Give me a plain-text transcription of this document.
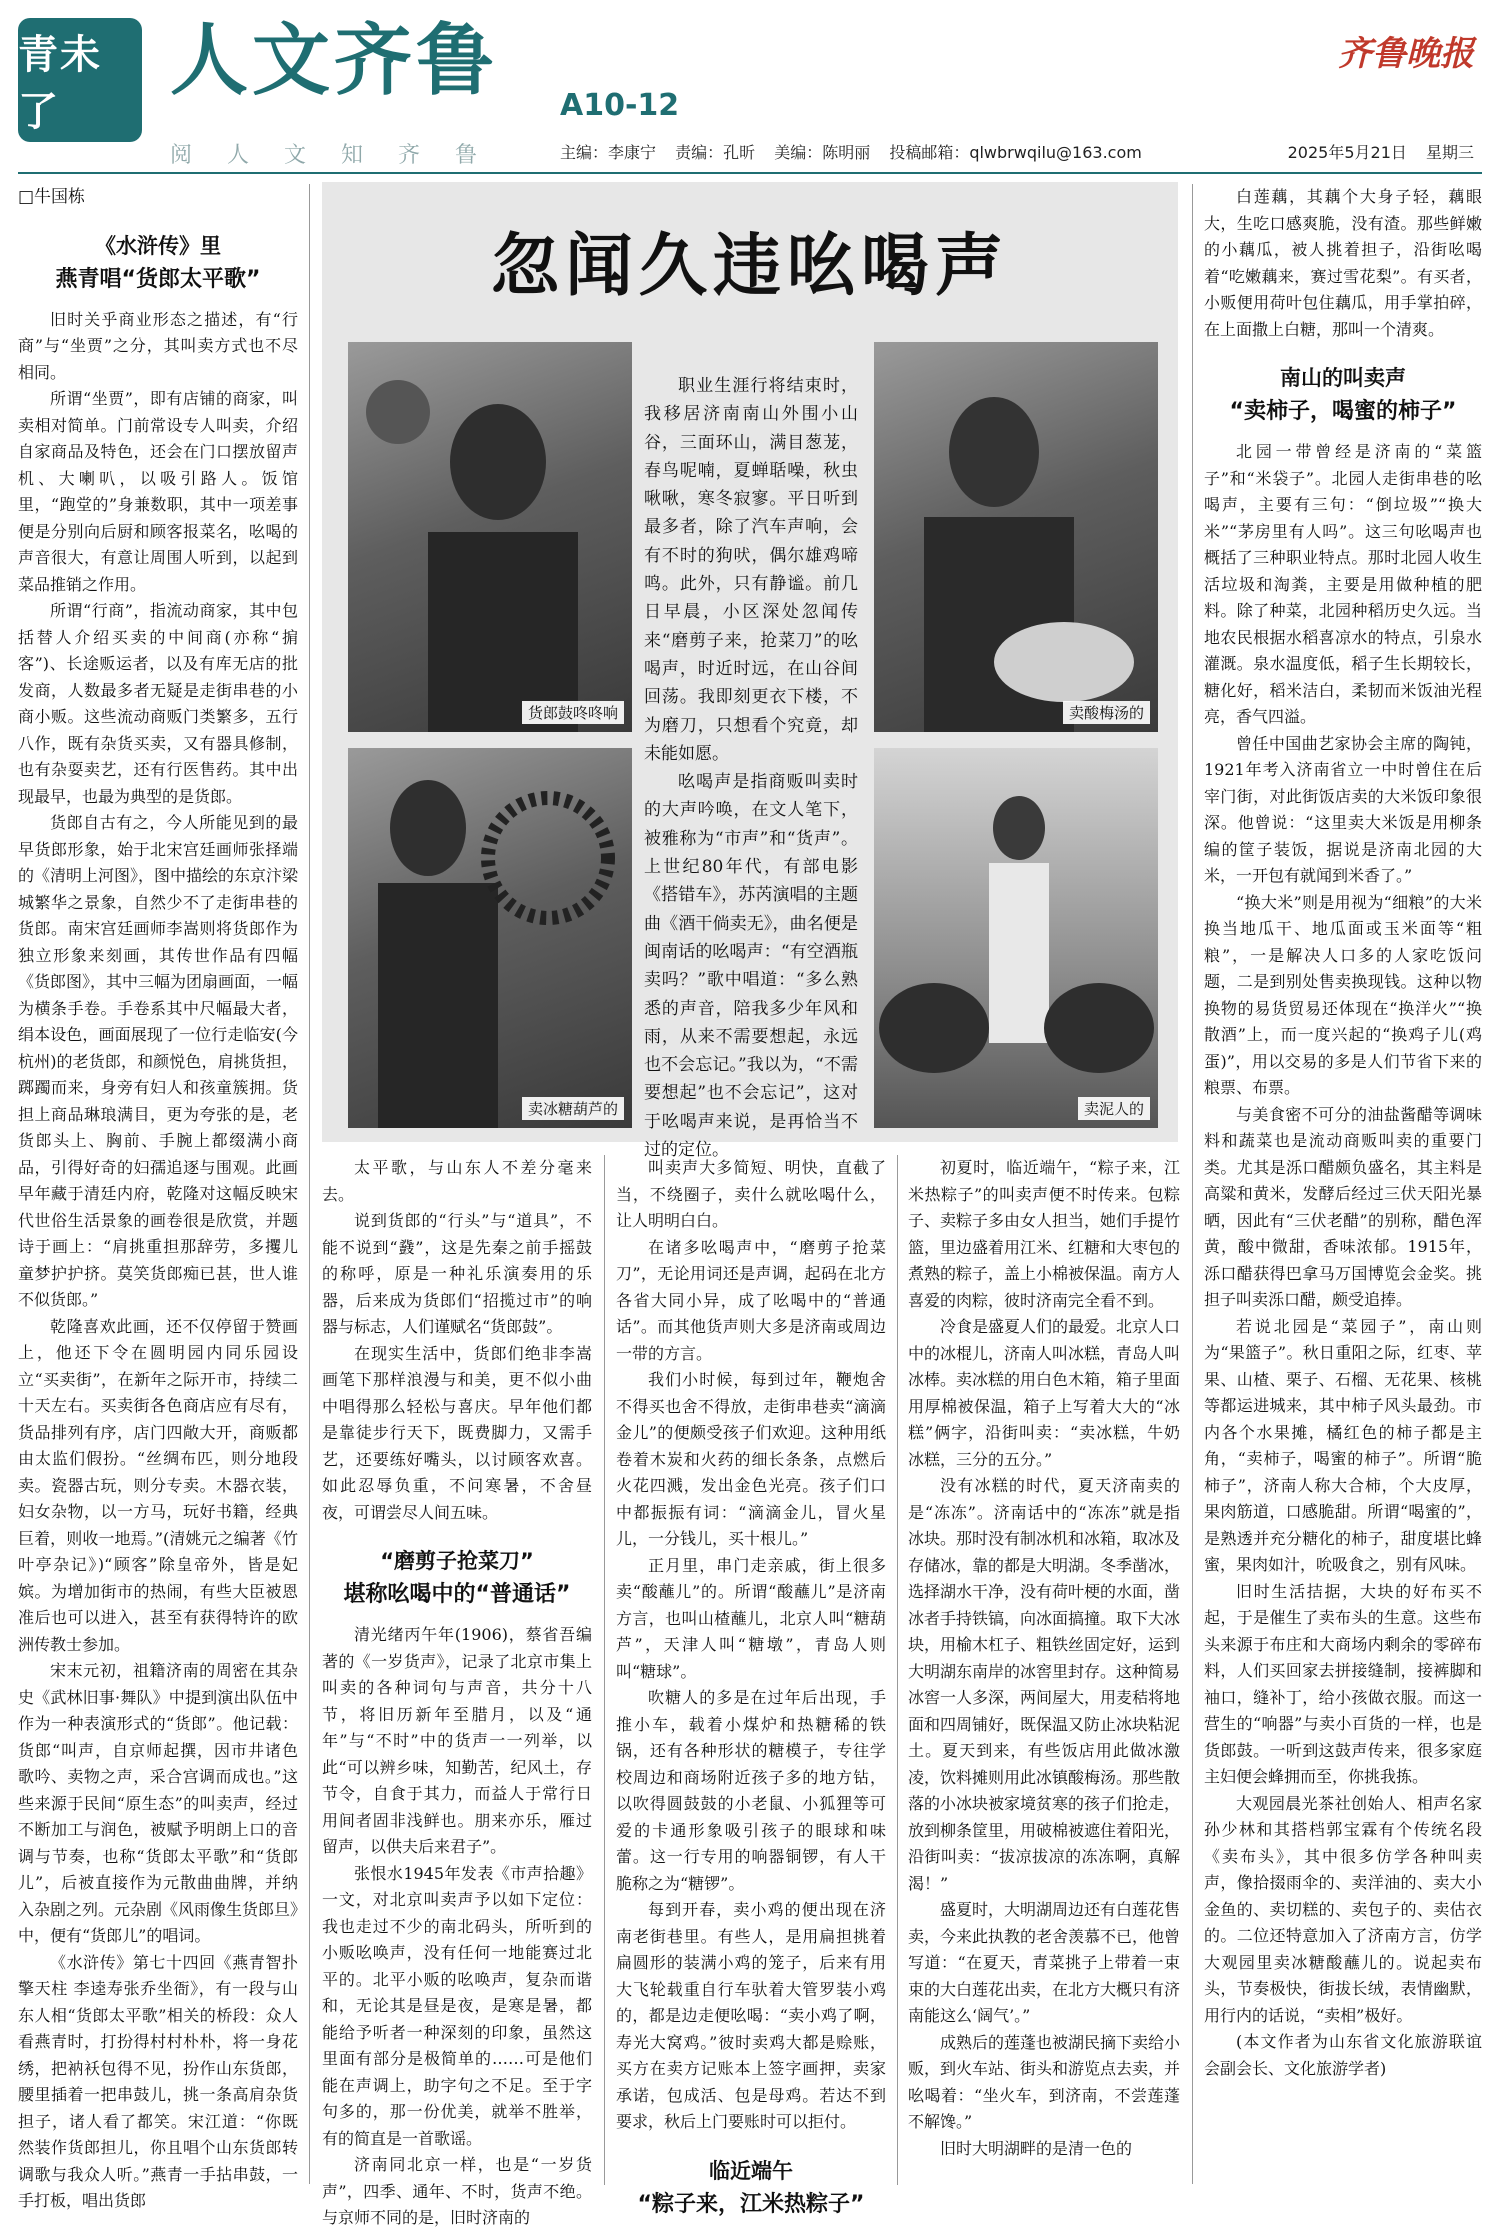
青未了
人文齐鲁 A10-12
阅 人 文 知 齐 鲁	主编：李康宁 责编：孔昕 美编：陈明丽 投稿邮箱：qlwbrwqilu@163.com	2025年5月21日 星期三
齐鲁晚报
□牛国栋
《水浒传》里
燕青唱“货郎太平歌”

旧时关乎商业形态之描述，有“行商”与“坐贾”之分，其叫卖方式也不尽相同。

所谓“坐贾”，即有店铺的商家，叫卖相对简单。门前常设专人叫卖，介绍自家商品及特色，还会在门口摆放留声机、大喇叭，以吸引路人。饭馆里，“跑堂的”身兼数职，其中一项差事便是分别向后厨和顾客报菜名，吆喝的声音很大，有意让周围人听到，以起到菜品推销之作用。

所谓“行商”，指流动商家，其中包括替人介绍买卖的中间商(亦称“掮客”)、长途贩运者，以及有库无店的批发商，人数最多者无疑是走街串巷的小商小贩。这些流动商贩门类繁多，五行八作，既有杂货买卖，又有器具修制，也有杂耍卖艺，还有行医售药。其中出现最早，也最为典型的是货郎。

货郎自古有之，今人所能见到的最早货郎形象，始于北宋宫廷画师张择端的《清明上河图》，图中描绘的东京汴梁城繁华之景象，自然少不了走街串巷的货郎。南宋宫廷画师李嵩则将货郎作为独立形象来刻画，其传世作品有四幅《货郎图》，其中三幅为团扇画面，一幅为横条手卷。手卷系其中尺幅最大者，绢本设色，画面展现了一位行走临安(今杭州)的老货郎，和颜悦色，肩挑货担，踯躅而来，身旁有妇人和孩童簇拥。货担上商品琳琅满目，更为夸张的是，老货郎头上、胸前、手腕上都缀满小商品，引得好奇的妇孺追逐与围观。此画早年藏于清廷内府，乾隆对这幅反映宋代世俗生活景象的画卷很是欣赏，并题诗于画上：“肩挑重担那辞劳，多攫儿童梦护护挤。莫笑货郎痴已甚，世人谁不似货郎。”

乾隆喜欢此画，还不仅停留于赞画上，他还下令在圆明园内同乐园设立“买卖街”，在新年之际开市，持续二十天左右。买卖街各色商店应有尽有，货品排列有序，店门四敞大开，商贩都由太监们假扮。“丝绸布匹，则分地段卖。瓷器古玩，则分专卖。木器衣装，妇女杂物，以一方马，玩好书籍，经典巨着，则收一地焉。”(清姚元之编著《竹叶亭杂记》)“顾客”除皇帝外，皆是妃嫔。为增加街市的热闹，有些大臣被恩准后也可以进入，甚至有获得特许的欧洲传教士参加。

宋末元初，祖籍济南的周密在其杂史《武林旧事·舞队》中提到演出队伍中作为一种表演形式的“货郎”。他记载：货郎“叫声，自京师起撰，因市井诸色歌吟、卖物之声，采合宫调而成也。”这些来源于民间“原生态”的叫卖声，经过不断加工与润色，被赋予明朗上口的音调与节奏，也称“货郎太平歌”和“货郎儿”，后被直接作为元散曲曲牌，并纳入杂剧之列。元杂剧《风雨像生货郎旦》中，便有“货郎儿”的唱词。

《水浒传》第七十四回《燕青智扑擎天柱 李逵寿张乔坐衙》，有一段与山东人相“货郎太平歌”相关的桥段：众人看燕青时，打扮得村村朴朴，将一身花绣，把衲袄包得不见，扮作山东货郎，腰里插着一把串鼓儿，挑一条高肩杂货担子，诸人看了都笑。宋江道：“你既然装作货郎担儿，你且唱个山东货郎转调歌与我众人听。”燕青一手拈串鼓，一手打板，唱出货郎

忽闻久违吆喝声
货郎鼓咚咚响	卖酸梅汤的
卖冰糖葫芦的	卖泥人的

职业生涯行将结束时，我移居济南南山外围小山谷，三面环山，满目葱茏，春鸟呢喃，夏蝉聒噪，秋虫啾啾，寒冬寂寥。平日听到最多者，除了汽车声响，会有不时的狗吠，偶尔雄鸡啼鸣。此外，只有静谧。前几日早晨，小区深处忽闻传来“磨剪子来，抢菜刀”的吆喝声，时近时远，在山谷间回荡。我即刻更衣下楼，不为磨刀，只想看个究竟，却未能如愿。

吆喝声是指商贩叫卖时的大声吟唤，在文人笔下，被雅称为“市声”和“货声”。上世纪80年代，有部电影《搭错车》，苏芮演唱的主题曲《酒干倘卖无》，曲名便是闽南话的吆喝声：“有空酒瓶卖吗？”歌中唱道：“多么熟悉的声音，陪我多少年风和雨，从来不需要想起，永远也不会忘记。”我以为，“不需要想起”也不会忘记”，这对于吆喝声来说，是再恰当不过的定位。

太平歌，与山东人不差分毫来去。

说到货郎的“行头”与“道具”，不能不说到“鼗”，这是先秦之前手摇鼓的称呼，原是一种礼乐演奏用的乐器，后来成为货郎们“招揽过市”的响器与标志，人们谨赋名“货郎鼓”。

在现实生活中，货郎们绝非李嵩画笔下那样浪漫与和美，更不似小曲中唱得那么轻松与喜庆。早年他们都是靠徒步行天下，既费脚力，又需手艺，还要练好嘴头，以讨顾客欢喜。如此忍辱负重，不问寒暑，不舍昼夜，可谓尝尽人间五味。

“磨剪子抢菜刀”
堪称吆喝中的“普通话”

清光绪丙午年(1906)，蔡省吾编著的《一岁货声》，记录了北京市集上叫卖的各种词句与声音，共分十八节，将旧历新年至腊月，以及“通年”与“不时”中的货声一一列举，以此“可以辨乡味，知勤苦，纪风土，存节令，自食于其力，而益人于常行日用间者固非浅鲜也。朋来亦乐，雁过留声，以供夫后来君子”。

张恨水1945年发表《市声拾趣》一文，对北京叫卖声予以如下定位：我也走过不少的南北码头，所听到的小贩吆唤声，没有任何一地能赛过北平的。北平小贩的吆唤声，复杂而谐和，无论其是昼是夜，是寒是暑，都能给予听者一种深刻的印象，虽然这里面有部分是极简单的……可是他们能在声调上，助字句之不足。至于字句多的，那一份优美，就举不胜举，有的简直是一首歌谣。

济南同北京一样，也是“一岁货声”，四季、通年、不时，货声不绝。与京师不同的是，旧时济南的

叫卖声大多简短、明快，直截了当，不绕圈子，卖什么就吆喝什么，让人明明白白。

在诸多吆喝声中，“磨剪子抢菜刀”，无论用词还是声调，起码在北方各省大同小异，成了吆喝中的“普通话”。而其他货声则大多是济南或周边一带的方言。

我们小时候，每到过年，鞭炮舍不得买也舍不得放，走街串巷卖“滴滴金儿”的便颇受孩子们欢迎。这种用纸卷着木炭和火药的细长条条，点燃后火花四溅，发出金色光亮。孩子们口中都振振有词：“滴滴金儿，冒火星儿，一分钱儿，买十根儿。”

正月里，串门走亲戚，街上很多卖“酸蘸儿”的。所谓“酸蘸儿”是济南方言，也叫山楂蘸儿，北京人叫“糖葫芦”，天津人叫“糖墩”，青岛人则叫“糖球”。

吹糖人的多是在过年后出现，手推小车，载着小煤炉和热糖稀的铁锅，还有各种形状的糖模子，专往学校周边和商场附近孩子多的地方钻，以吹得圆鼓鼓的小老鼠、小狐狸等可爱的卡通形象吸引孩子的眼球和味蕾。这一行专用的响器铜锣，有人干脆称之为“糖锣”。

每到开春，卖小鸡的便出现在济南老街巷里。有些人，是用扁担挑着扁圆形的装满小鸡的笼子，后来有用大飞轮载重自行车驮着大管罗装小鸡的，都是边走便吆喝：“卖小鸡了啊，寿光大窝鸡。”彼时卖鸡大都是赊账，买方在卖方记账本上签字画押，卖家承诺，包成活、包是母鸡。若达不到要求，秋后上门要账时可以拒付。

临近端午
“粽子来，江米热粽子”

初夏时，临近端午，“粽子来，江米热粽子”的叫卖声便不时传来。包粽子、卖粽子多由女人担当，她们手提竹篮，里边盛着用江米、红糖和大枣包的煮熟的粽子，盖上小棉被保温。南方人喜爱的肉粽，彼时济南完全看不到。

冷食是盛夏人们的最爱。北京人口中的冰棍儿，济南人叫冰糕，青岛人叫冰棒。卖冰糕的用白色木箱，箱子里面用厚棉被保温，箱子上写着大大的“冰糕”俩字，沿街叫卖：“卖冰糕，牛奶冰糕，三分的五分。”

没有冰糕的时代，夏天济南卖的是“冻冻”。济南话中的“冻冻”就是指冰块。那时没有制冰机和冰箱，取冰及存储冰，靠的都是大明湖。冬季凿冰，选择湖水干净，没有荷叶梗的水面，凿冰者手持铁镐，向冰面搞撞。取下大冰块，用榆木杠子、粗铁丝固定好，运到大明湖东南岸的冰窖里封存。这种简易冰窖一人多深，两间屋大，用麦秸将地面和四周铺好，既保温又防止冰块粘泥土。夏天到来，有些饭店用此做冰激凌，饮料摊则用此冰镇酸梅汤。那些散落的小冰块被家境贫寒的孩子们抢走，放到柳条筐里，用破棉被遮住着阳光，沿街叫卖：“拔凉拔凉的冻冻啊，真解渴！”

盛夏时，大明湖周边还有白莲花售卖，今来此执教的老舍羡慕不已，他曾写道：“在夏天，青菜挑子上带着一束束的大白莲花出卖，在北方大概只有济南能这么‘阔气’。”

成熟后的莲蓬也被湖民摘下卖给小贩，到火车站、街头和游览点去卖，并吆喝着：“坐火车，到济南，不尝莲蓬不解馋。”

旧时大明湖畔的是清一色的

白莲藕，其藕个大身子轻，藕眼大，生吃口感爽脆，没有渣。那些鲜嫩的小藕瓜，被人挑着担子，沿街吆喝着“吃嫩藕来，赛过雪花梨”。有买者，小贩便用荷叶包住藕瓜，用手掌拍碎，在上面撒上白糖，那叫一个清爽。

南山的叫卖声
“卖柿子，喝蜜的柿子”

北园一带曾经是济南的“菜篮子”和“米袋子”。北园人走街串巷的吆喝声，主要有三句：“倒垃圾”“换大米”“茅房里有人吗”。这三句吆喝声也概括了三种职业特点。那时北园人收生活垃圾和淘粪，主要是用做种植的肥料。除了种菜，北园种稻历史久远。当地农民根据水稻喜凉水的特点，引泉水灌溉。泉水温度低，稻子生长期较长，糖化好，稻米洁白，柔韧而米饭油光程亮，香气四溢。

曾任中国曲艺家协会主席的陶钝，1921年考入济南省立一中时曾住在后宰门街，对此街饭店卖的大米饭印象很深。他曾说：“这里卖大米饭是用柳条编的筐子装饭，据说是济南北园的大米，一开包有就闻到米香了。”

“换大米”则是用视为“细粮”的大米换当地瓜干、地瓜面或玉米面等“粗粮”，一是解决人口多的人家吃饭问题，二是到别处售卖换现钱。这种以物换物的易货贸易还体现在“换洋火”“换散酒”上，而一度兴起的“换鸡子儿(鸡蛋)”，用以交易的多是人们节省下来的粮票、布票。

与美食密不可分的油盐酱醋等调味料和蔬菜也是流动商贩叫卖的重要门类。尤其是泺口醋颇负盛名，其主料是高粱和黄米，发酵后经过三伏天阳光暴晒，因此有“三伏老醋”的别称，醋色浑黄，酸中微甜，香味浓郁。1915年，泺口醋获得巴拿马万国博览会金奖。挑担子叫卖泺口醋，颇受追捧。

若说北园是“菜园子”，南山则为“果篮子”。秋日重阳之际，红枣、苹果、山楂、栗子、石榴、无花果、核桃等都运进城来，其中柿子风头最劲。市内各个水果摊，橘红色的柿子都是主角，“卖柿子，喝蜜的柿子”。所谓“脆柿子”，济南人称大合柿，个大皮厚，果肉筋道，口感脆甜。所谓“喝蜜的”，是熟透并充分糖化的柿子，甜度堪比蜂蜜，果肉如汁，吮吸食之，别有风味。

旧时生活拮据，大块的好布买不起，于是催生了卖布头的生意。这些布头来源于布庄和大商场内剩余的零碎布料，人们买回家去拼接缝制，接裤脚和袖口，缝补丁，给小孩做衣服。而这一营生的“响器”与卖小百货的一样，也是货郎鼓。一听到这鼓声传来，很多家庭主妇便会蜂拥而至，你挑我拣。

大观园晨光茶社创始人、相声名家孙少林和其搭档郭宝霖有个传统名段《卖布头》，其中很多仿学各种叫卖声，像拾掇雨伞的、卖洋油的、卖大小金鱼的、卖切糕的、卖包子的、卖估衣的。二位还特意加入了济南方言，仿学大观园里卖冰糖酸蘸儿的。说起卖布头，节奏极快，街拔长绒，表情幽默，用行内的话说，“卖相”极好。

(本文作者为山东省文化旅游联谊会副会长、文化旅游学者)
